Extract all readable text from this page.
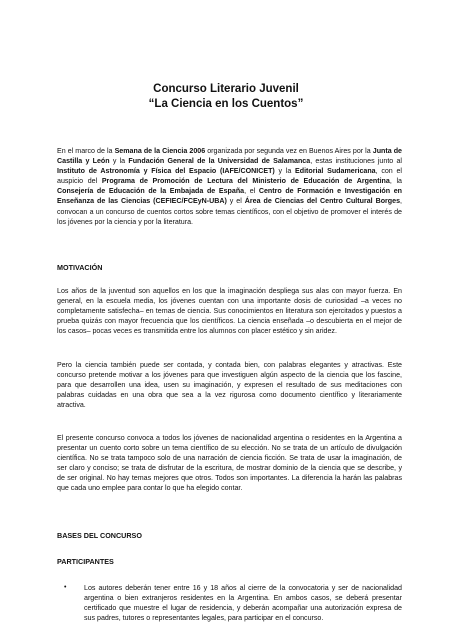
Concurso Literario Juvenil
“La Ciencia en los Cuentos”
En el marco de la Semana de la Ciencia 2006 organizada por segunda vez en Buenos Aires por la Junta de Castilla y León y la Fundación General de la Universidad de Salamanca, estas instituciones junto al Instituto de Astronomía y Física del Espacio (IAFE/CONICET) y la Editorial Sudamericana, con el auspicio del Programa de Promoción de Lectura del Ministerio de Educación de Argentina, la Consejería de Educación de la Embajada de España, el Centro de Formación e Investigación en Enseñanza de las Ciencias (CEFIEC/FCEyN-UBA) y el Área de Ciencias del Centro Cultural Borges, convocan a un concurso de cuentos cortos sobre temas científicos, con el objetivo de promover el interés de los jóvenes por la ciencia y por la literatura.
MOTIVACIÓN
Los años de la juventud son aquellos en los que la imaginación despliega sus alas con mayor fuerza. En general, en la escuela media, los jóvenes cuentan con una importante dosis de curiosidad –a veces no completamente satisfecha– en temas de ciencia. Sus conocimientos en literatura son ejercitados y puestos a prueba quizás con mayor frecuencia que los científicos. La ciencia enseñada –o descubierta en el mejor de los casos– pocas veces es transmitida entre los alumnos con placer estético y sin aridez.
Pero la ciencia también puede ser contada, y contada bien, con palabras elegantes y atractivas. Este concurso pretende motivar a los jóvenes para que investiguen algún aspecto de la ciencia que los fascine, para que desarrollen una idea, usen su imaginación, y expresen el resultado de sus meditaciones con palabras cuidadas en una obra que sea a la vez rigurosa como documento científico y literariamente atractiva.
El presente concurso convoca a todos los jóvenes de nacionalidad argentina o residentes en la Argentina a presentar un cuento corto sobre un tema científico de su elección. No se trata de un artículo de divulgación científica. No se trata tampoco solo de una narración de ciencia ficción. Se trata de usar la imaginación, de ser claro y conciso; se trata de disfrutar de la escritura, de mostrar dominio de la ciencia que se describe, y de ser original. No hay temas mejores que otros. Todos son importantes. La diferencia la harán las palabras que cada uno emplee para contar lo que ha elegido contar.
BASES DEL CONCURSO
PARTICIPANTES
• Los autores deberán tener entre 16 y 18 años al cierre de la convocatoria y ser de nacionalidad argentina o bien extranjeros residentes en la Argentina. En ambos casos, se deberá presentar certificado que muestre el lugar de residencia, y deberán acompañar una autorización expresa de sus padres, tutores o representantes legales, para participar en el concurso.
